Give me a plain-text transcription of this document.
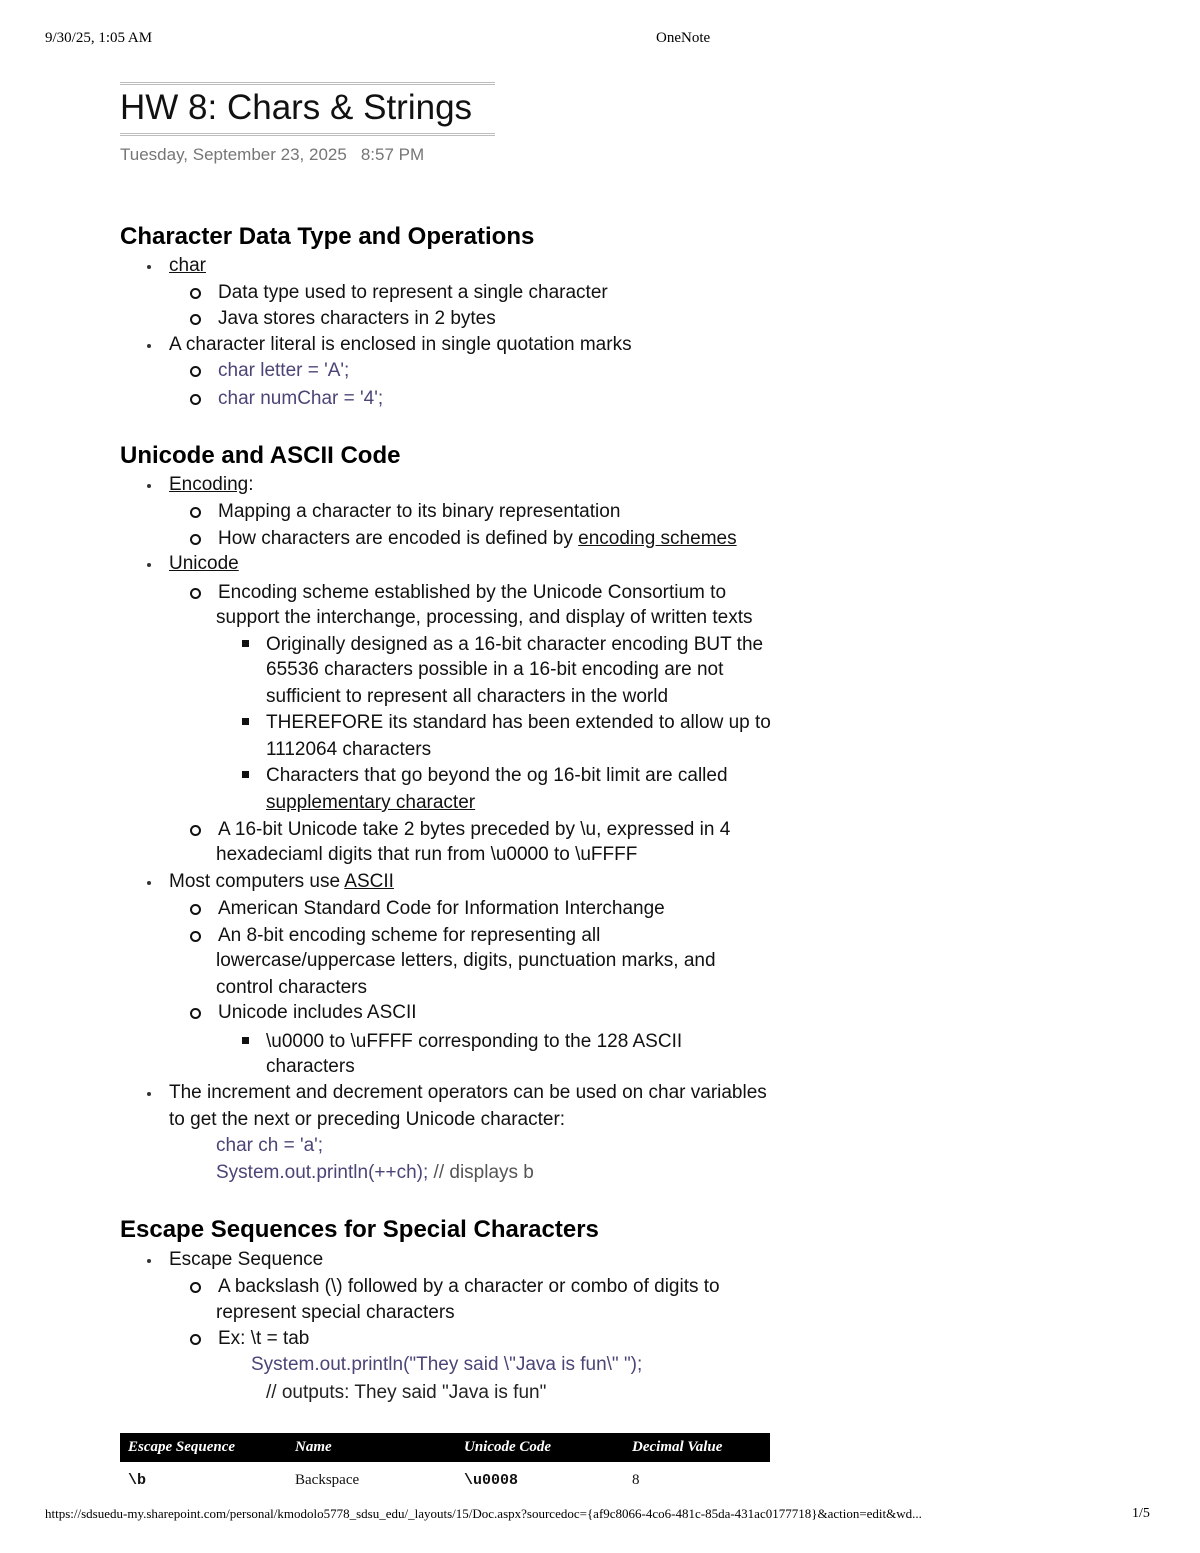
9/30/25, 1:05 AM	OneNote
HW 8: Chars & Strings
Tuesday, September 23, 2025 8:57 PM
Character Data Type and Operations
char
Data type used to represent a single character
Java stores characters in 2 bytes
A character literal is enclosed in single quotation marks
char letter = 'A';
char numChar = '4';
Unicode and ASCII Code
Encoding:
Mapping a character to its binary representation
How characters are encoded is defined by encoding schemes
Unicode
Encoding scheme established by the Unicode Consortium to
support the interchange, processing, and display of written texts
Originally designed as a 16-bit character encoding BUT the
65536 characters possible in a 16-bit encoding are not
sufficient to represent all characters in the world
THEREFORE its standard has been extended to allow up to
1112064 characters
Characters that go beyond the og 16-bit limit are called
supplementary character
A 16-bit Unicode take 2 bytes preceded by \u, expressed in 4
hexadeciaml digits that run from \u0000 to \uFFFF
Most computers use ASCII
American Standard Code for Information Interchange
An 8-bit encoding scheme for representing all
lowercase/uppercase letters, digits, punctuation marks, and
control characters
Unicode includes ASCII
\u0000 to \uFFFF corresponding to the 128 ASCII
characters
The increment and decrement operators can be used on char variables
to get the next or preceding Unicode character:
char ch = 'a';
System.out.println(++ch); // displays b
Escape Sequences for Special Characters
Escape Sequence
A backslash (\) followed by a character or combo of digits to
represent special characters
Ex: \t = tab
System.out.println("They said \"Java is fun\" ");
// outputs: They said "Java is fun"
Escape Sequence	Name	Unicode Code	Decimal Value
\b	Backspace	\u0008	8
https://sdsuedu-my.sharepoint.com/personal/kmodolo5778_sdsu_edu/_layouts/15/Doc.aspx?sourcedoc={af9c8066-4co6-481c-85da-431ac0177718}&action=edit&wd...	1/5
